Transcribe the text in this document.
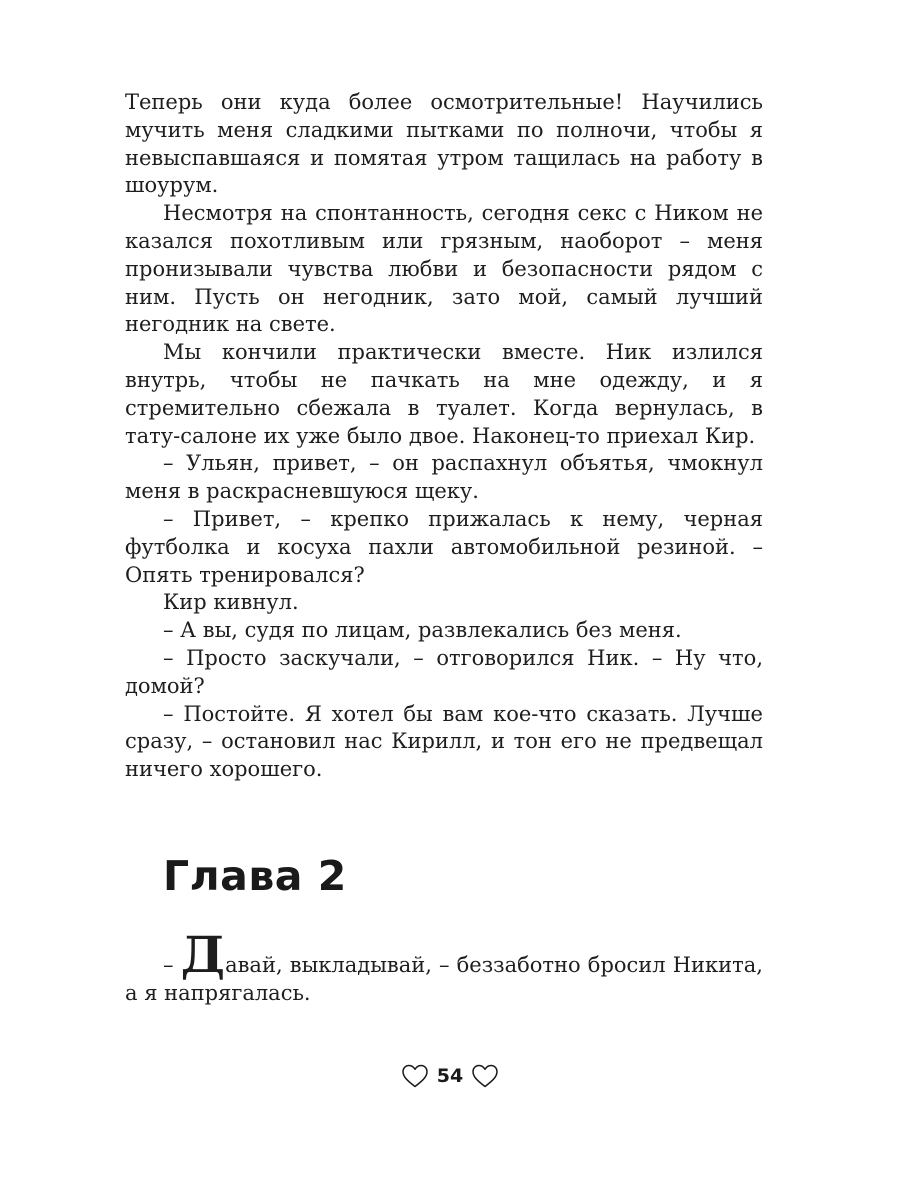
Теперь они куда более осмотрительные! Научились мучить меня сладкими пытками по полночи, чтобы я невыспавшаяся и помятая утром тащилась на работу в шоурум.

Несмотря на спонтанность, сегодня секс с Ником не казался похотливым или грязным, наоборот – меня пронизывали чувства любви и безопасности рядом с ним. Пусть он негодник, зато мой, самый лучший негодник на свете.

Мы кончили практически вместе. Ник излился внутрь, чтобы не пачкать на мне одежду, и я стремительно сбежала в туалет. Когда вернулась, в тату-салоне их уже было двое. Наконец-то приехал Кир.

– Ульян, привет, – он распахнул объятья, чмокнул меня в раскрасневшуюся щеку.

– Привет, – крепко прижалась к нему, черная футболка и косуха пахли автомобильной резиной. – Опять тренировался?

Кир кивнул.

– А вы, судя по лицам, развлекались без меня.

– Просто заскучали, – отговорился Ник. – Ну что, домой?

– Постойте. Я хотел бы вам кое-что сказать. Лучше сразу, – остановил нас Кирилл, и тон его не предвещал ничего хорошего.

Глава 2

– Давай, выкладывай, – беззаботно бросил Никита, а я напрягалась.

54
